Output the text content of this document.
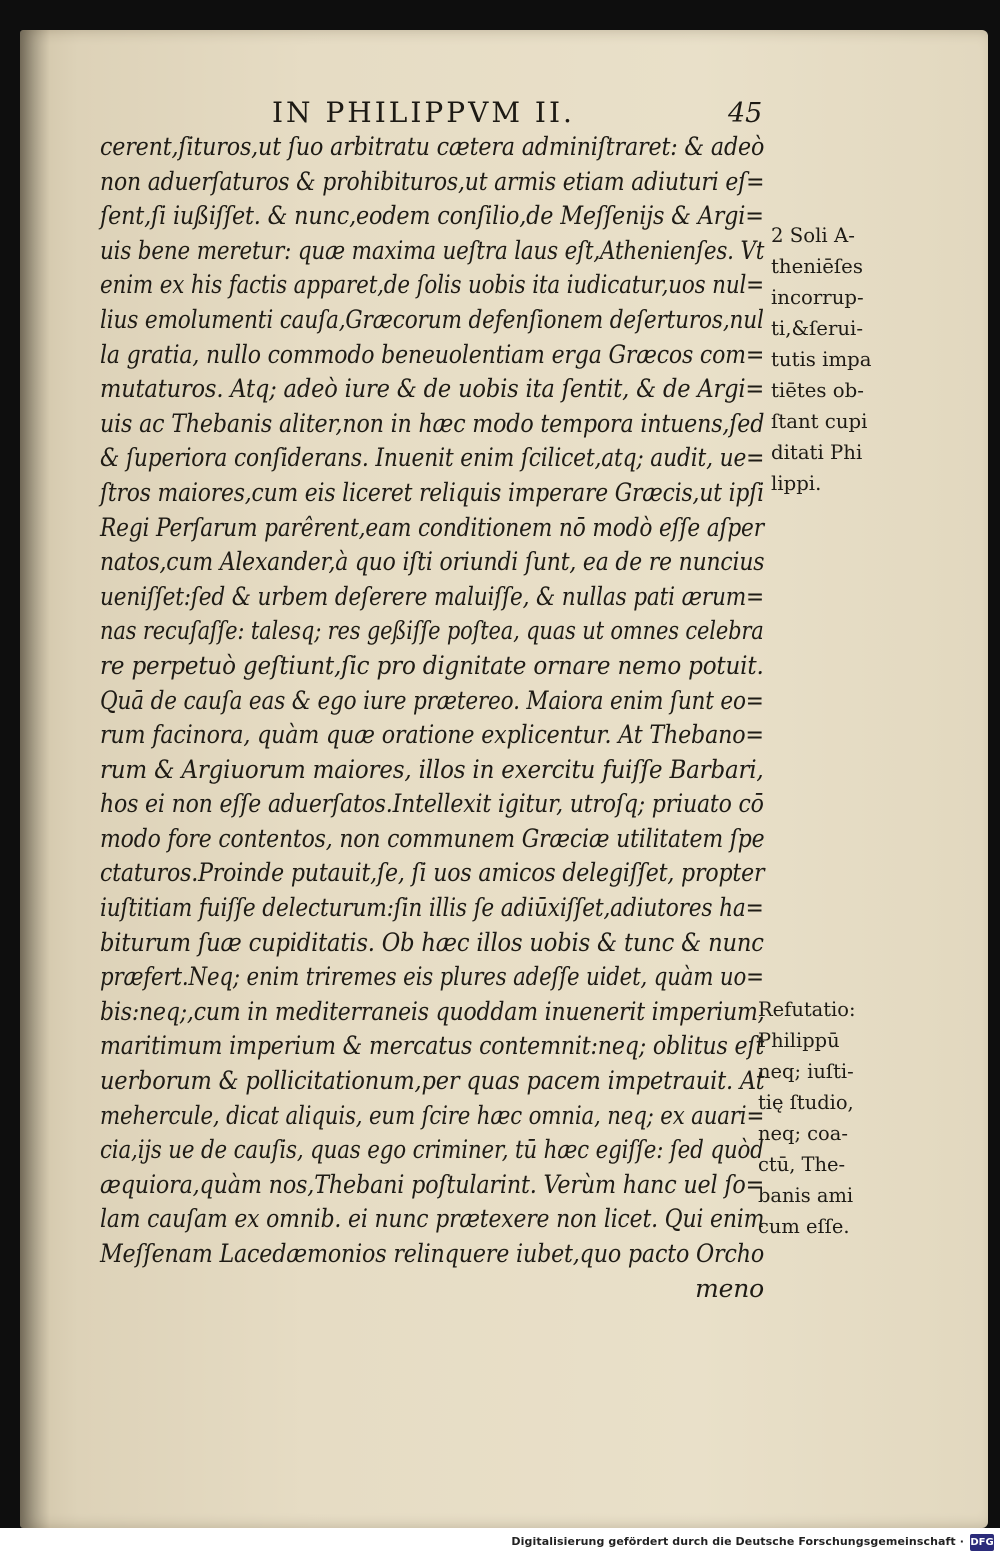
IN PHILIPPVM II.	45
cerent,ſituros,ut ſuo arbitratu cætera adminiſtraret: & adeò
non aduerſaturos & prohibituros,ut armis etiam adiuturi eſ=
ſent,ſi iußiſſet. & nunc,eodem conſilio,de Meſſenijs & Argi=
uis bene meretur: quæ maxima ueſtra laus eſt,Athenienſes. Vt
enim ex his factis apparet,de ſolis uobis ita iudicatur,uos nul=
lius emolumenti cauſa,Græcorum defenſionem deſerturos,nul
la gratia, nullo commodo beneuolentiam erga Græcos com=
mutaturos. Atq; adeò iure & de uobis ita ſentit, & de Argi=
uis ac Thebanis aliter,non in hæc modo tempora intuens,ſed
& ſuperiora conſiderans. Inuenit enim ſcilicet,atq; audit, ue=
ſtros maiores,cum eis liceret reliquis imperare Græcis,ut ipſi
Regi Perſarum parêrent,eam conditionem nō modò eſſe aſper
natos,cum Alexander,à quo iſti oriundi ſunt, ea de re nuncius
ueniſſet:ſed & urbem deſerere maluiſſe, & nullas pati ærum=
nas recuſaſſe: talesq; res geßiſſe poſtea, quas ut omnes celebra
re perpetuò geſtiunt,ſic pro dignitate ornare nemo potuit.
Quā de cauſa eas & ego iure prætereo. Maiora enim ſunt eo=
rum facinora, quàm quæ oratione explicentur. At Thebano=
rum & Argiuorum maiores, illos in exercitu fuiſſe Barbari,
hos ei non eſſe aduerſatos.Intellexit igitur, utroſq; priuato cō
modo fore contentos, non communem Græciæ utilitatem ſpe
ctaturos.Proinde putauit,ſe, ſi uos amicos delegiſſet, propter
iuſtitiam fuiſſe delecturum:ſin illis ſe adiūxiſſet,adiutores ha=
biturum ſuæ cupiditatis. Ob hæc illos uobis & tunc & nunc
præfert.Neq; enim triremes eis plures adeſſe uidet, quàm uo=
bis:neq;,cum in mediterraneis quoddam inuenerit imperium,
maritimum imperium & mercatus contemnit:neq; oblitus eſt
uerborum & pollicitationum,per quas pacem impetrauit. At
mehercule, dicat aliquis, eum ſcire hæc omnia, neq; ex auari=
cia,ijs ue de cauſis, quas ego criminer, tū hæc egiſſe: ſed quòd
æquiora,quàm nos,Thebani poſtularint. Verùm hanc uel ſo=
lam cauſam ex omnib. ei nunc prætexere non licet. Qui enim
Meſſenam Lacedæmonios relinquere iubet,quo pacto Orcho
meno
2 Soli A-
theniēſes
incorrup-
ti,&ſerui-
tutis impa
tiētes ob-
ſtant cupi
ditati Phi
lippi.
Refutatio:
Philippū
neq; iuſti-
tię ſtudio,
neq; coa-
ctū, The-
banis ami
cum eſſe.
Digitalisierung gefördert durch die Deutsche Forschungsgemeinschaft · DFG
